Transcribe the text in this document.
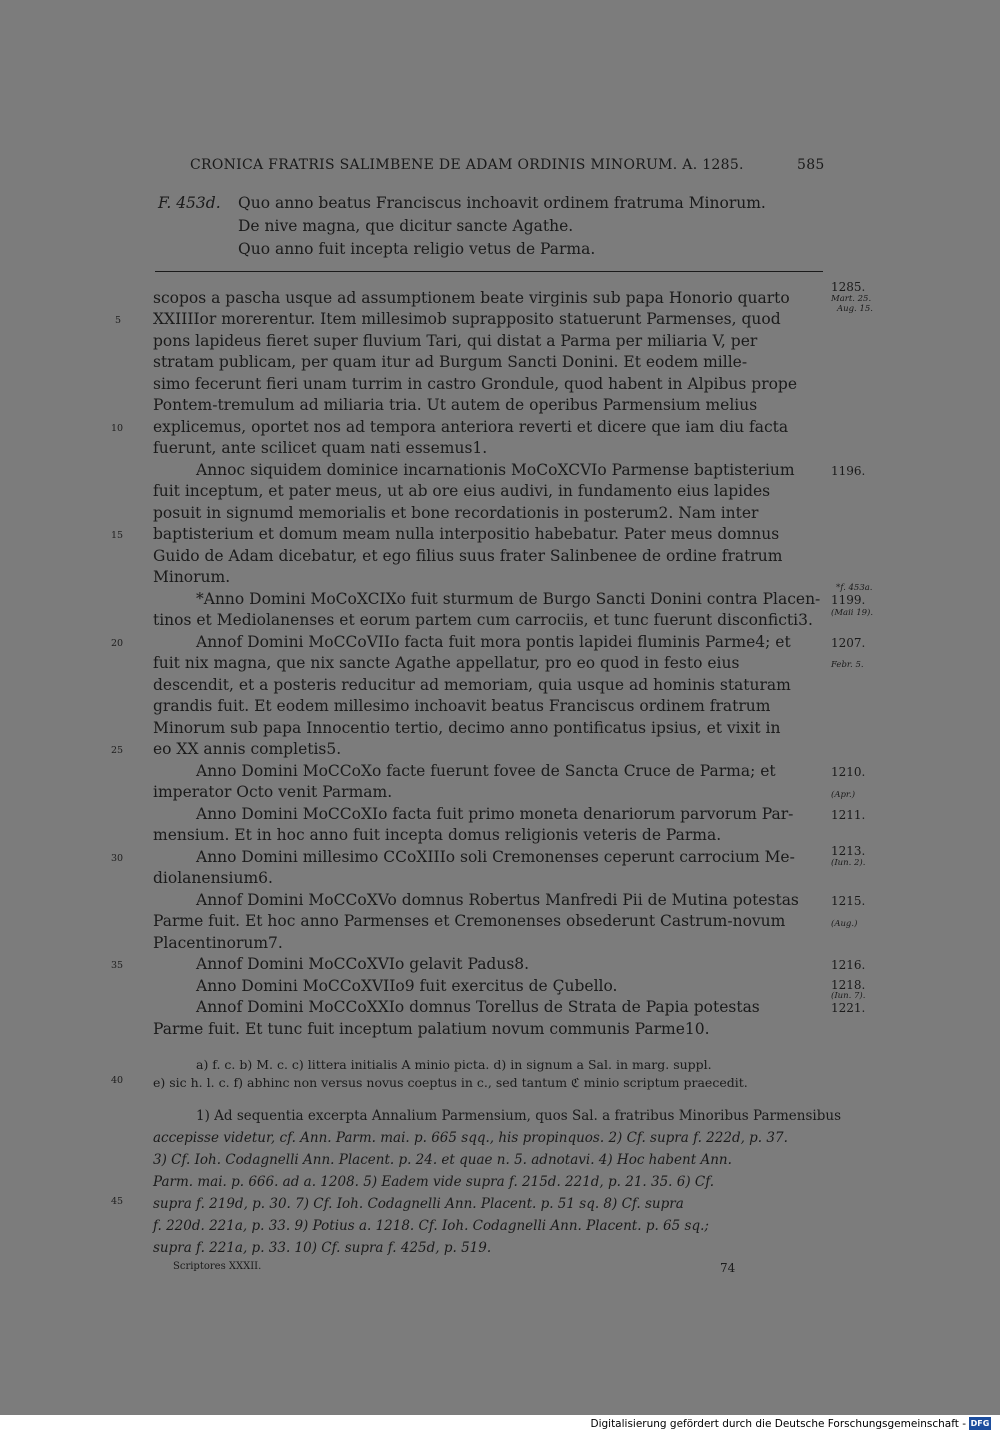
CRONICA FRATRIS SALIMBENE DE ADAM ORDINIS MINORUM. A. 1285.	585
F. 453d. Quo anno beatus Franciscus inchoavit ordinem fratruma Minorum.
De nive magna, que dicitur sancte Agathe.
Quo anno fuit incepta religio vetus de Parma.
scopos a pascha usque ad assumptionem beate virginis sub papa Honorio quarto
XXIIIIor morerentur. Item millesimob suprapposito statuerunt Parmenses, quod
pons lapideus fieret super fluvium Tari, qui distat a Parma per miliaria V, per
stratam publicam, per quam itur ad Burgum Sancti Donini. Et eodem mille-
simo fecerunt fieri unam turrim in castro Grondule, quod habent in Alpibus prope
Pontem-tremulum ad miliaria tria. Ut autem de operibus Parmensium melius
explicemus, oportet nos ad tempora anteriora reverti et dicere que iam diu facta
fuerunt, ante scilicet quam nati essemus1.
Annoc siquidem dominice incarnationis MoCoXCVIo Parmense baptisterium
fuit inceptum, et pater meus, ut ab ore eius audivi, in fundamento eius lapides
posuit in signumd memorialis et bone recordationis in posterum2. Nam inter
baptisterium et domum meam nulla interpositio habebatur. Pater meus domnus
Guido de Adam dicebatur, et ego filius suus frater Salinbenee de ordine fratrum
Minorum.
*Anno Domini MoCoXCIXo fuit sturmum de Burgo Sancti Donini contra Placen-
tinos et Mediolanenses et eorum partem cum carrociis, et tunc fuerunt disconficti3.
Annof Domini MoCCoVIIo facta fuit mora pontis lapidei fluminis Parme4; et
fuit nix magna, que nix sancte Agathe appellatur, pro eo quod in festo eius
descendit, et a posteris reducitur ad memoriam, quia usque ad hominis staturam
grandis fuit. Et eodem millesimo inchoavit beatus Franciscus ordinem fratrum
Minorum sub papa Innocentio tertio, decimo anno pontificatus ipsius, et vixit in
eo XX annis completis5.
Anno Domini MoCCoXo facte fuerunt fovee de Sancta Cruce de Parma; et
imperator Octo venit Parmam.
Anno Domini MoCCoXIo facta fuit primo moneta denariorum parvorum Par-
mensium. Et in hoc anno fuit incepta domus religionis veteris de Parma.
Anno Domini millesimo CCoXIIIo soli Cremonenses ceperunt carrocium Me-
diolanensium6.
Annof Domini MoCCoXVo domnus Robertus Manfredi Pii de Mutina potestas
Parme fuit. Et hoc anno Parmenses et Cremonenses obsederunt Castrum-novum
Placentinorum7.
Annof Domini MoCCoXVIo gelavit Padus8.
Anno Domini MoCCoXVIIo9 fuit exercitus de Çubello.
Annof Domini MoCCoXXIo domnus Torellus de Strata de Papia potestas
Parme fuit. Et tunc fuit inceptum palatium novum communis Parme10.
5
10
15
20
25
30
35
40
45
1285.
1196.
1199.
1207.
1210.
1211.
1213.
1215.
1216.
1218.
1221.
Mart. 25.
Aug. 15.
*f. 453a.
(Maii 19).
Febr. 5.
(Apr.)
(Iun. 2).
(Aug.)
(Iun. 7).
a) f. c. b) M. c. c) littera initialis A minio picta. d) in signum a Sal. in marg. suppl.
e) sic h. l. c. f) abhinc non versus novus coeptus in c., sed tantum ℭ minio scriptum praecedit.
1) Ad sequentia excerpta Annalium Parmensium, quos Sal. a fratribus Minoribus Parmensibus
accepisse videtur, cf. Ann. Parm. mai. p. 665 sqq., his propinquos. 2) Cf. supra f. 222d, p. 37.
3) Cf. Ioh. Codagnelli Ann. Placent. p. 24. et quae n. 5. adnotavi. 4) Hoc habent Ann.
Parm. mai. p. 666. ad a. 1208. 5) Eadem vide supra f. 215d. 221d, p. 21. 35. 6) Cf.
supra f. 219d, p. 30. 7) Cf. Ioh. Codagnelli Ann. Placent. p. 51 sq. 8) Cf. supra
f. 220d. 221a, p. 33. 9) Potius a. 1218. Cf. Ioh. Codagnelli Ann. Placent. p. 65 sq.;
supra f. 221a, p. 33. 10) Cf. supra f. 425d, p. 519.
Scriptores XXXII.	74
Digitalisierung gefördert durch die Deutsche Forschungsgemeinschaft - DFG
